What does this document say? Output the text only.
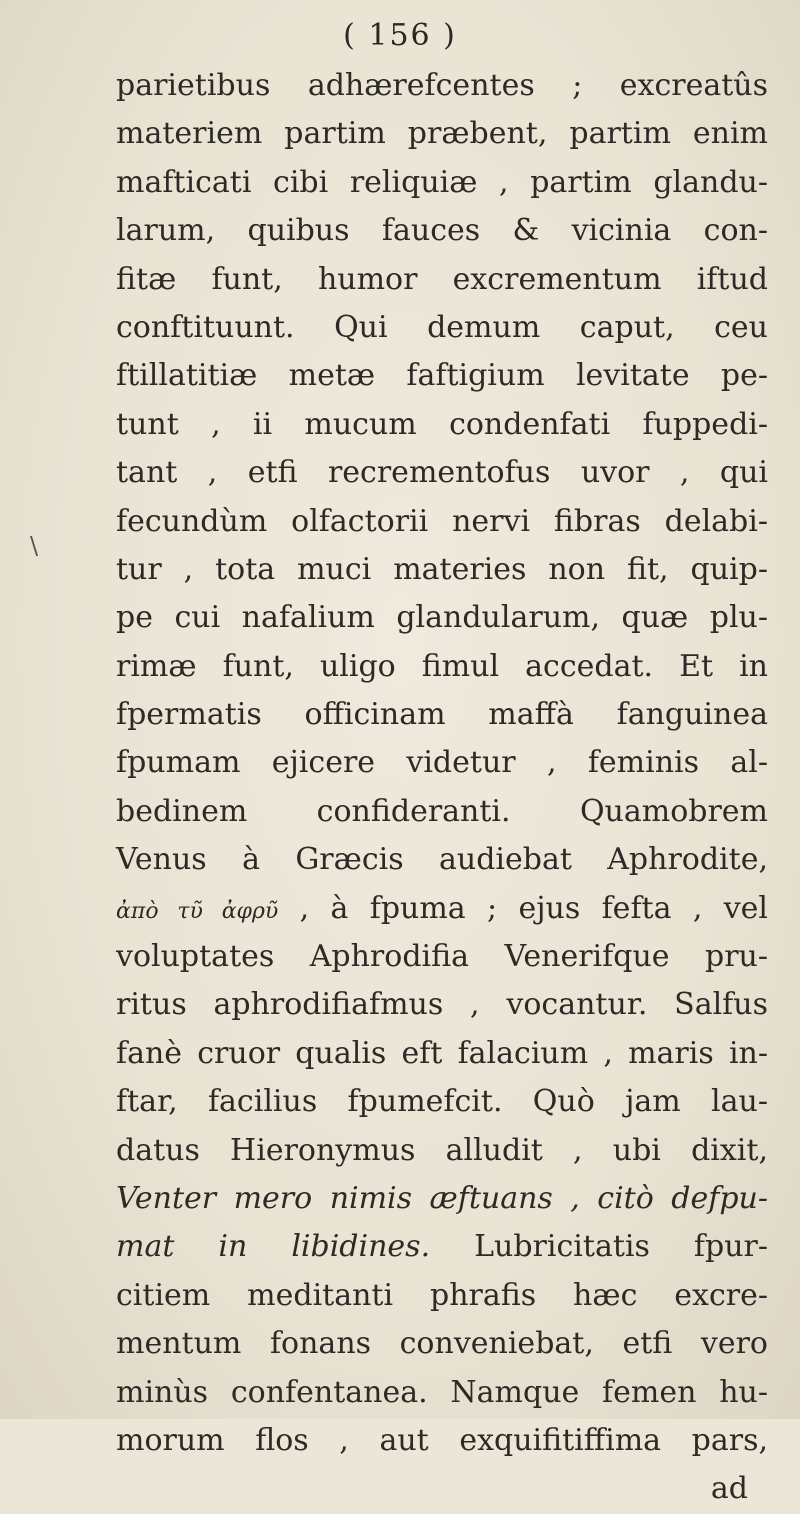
( 156 )
\
parietibus adhærefcentes ; excreatûs
materiem partim præbent, partim enim
mafticati cibi reliquiæ , partim glandu-
larum, quibus fauces & vicinia con-
fitæ funt, humor excrementum iftud
conftituunt. Qui demum caput, ceu
ftillatitiæ metæ faftigium levitate pe-
tunt , ii mucum condenfati fuppedi-
tant , etfi recrementofus uvor , qui
fecundùm olfactorii nervi fibras delabi-
tur , tota muci materies non fit, quip-
pe cui nafalium glandularum, quæ plu-
rimæ funt, uligo fimul accedat. Et in
fpermatis officinam maffà fanguinea
fpumam ejicere videtur , feminis al-
bedinem confideranti. Quamobrem
Venus à Græcis audiebat Aphrodite,
ἀπὸ τῦ ἀφρῦ , à fpuma ; ejus fefta , vel
voluptates Aphrodifia Venerifque pru-
ritus aphrodifiafmus , vocantur. Salfus
fanè cruor qualis eft falacium , maris in-
ftar, facilius fpumefcit. Quò jam lau-
datus Hieronymus alludit , ubi dixit,
Venter mero nimis æftuans , citò defpu-
mat in libidines. Lubricitatis fpur-
citiem meditanti phrafis hæc excre-
mentum fonans conveniebat, etfi vero
minùs confentanea. Namque femen hu-
morum flos , aut exquifitiffima pars,
ad
